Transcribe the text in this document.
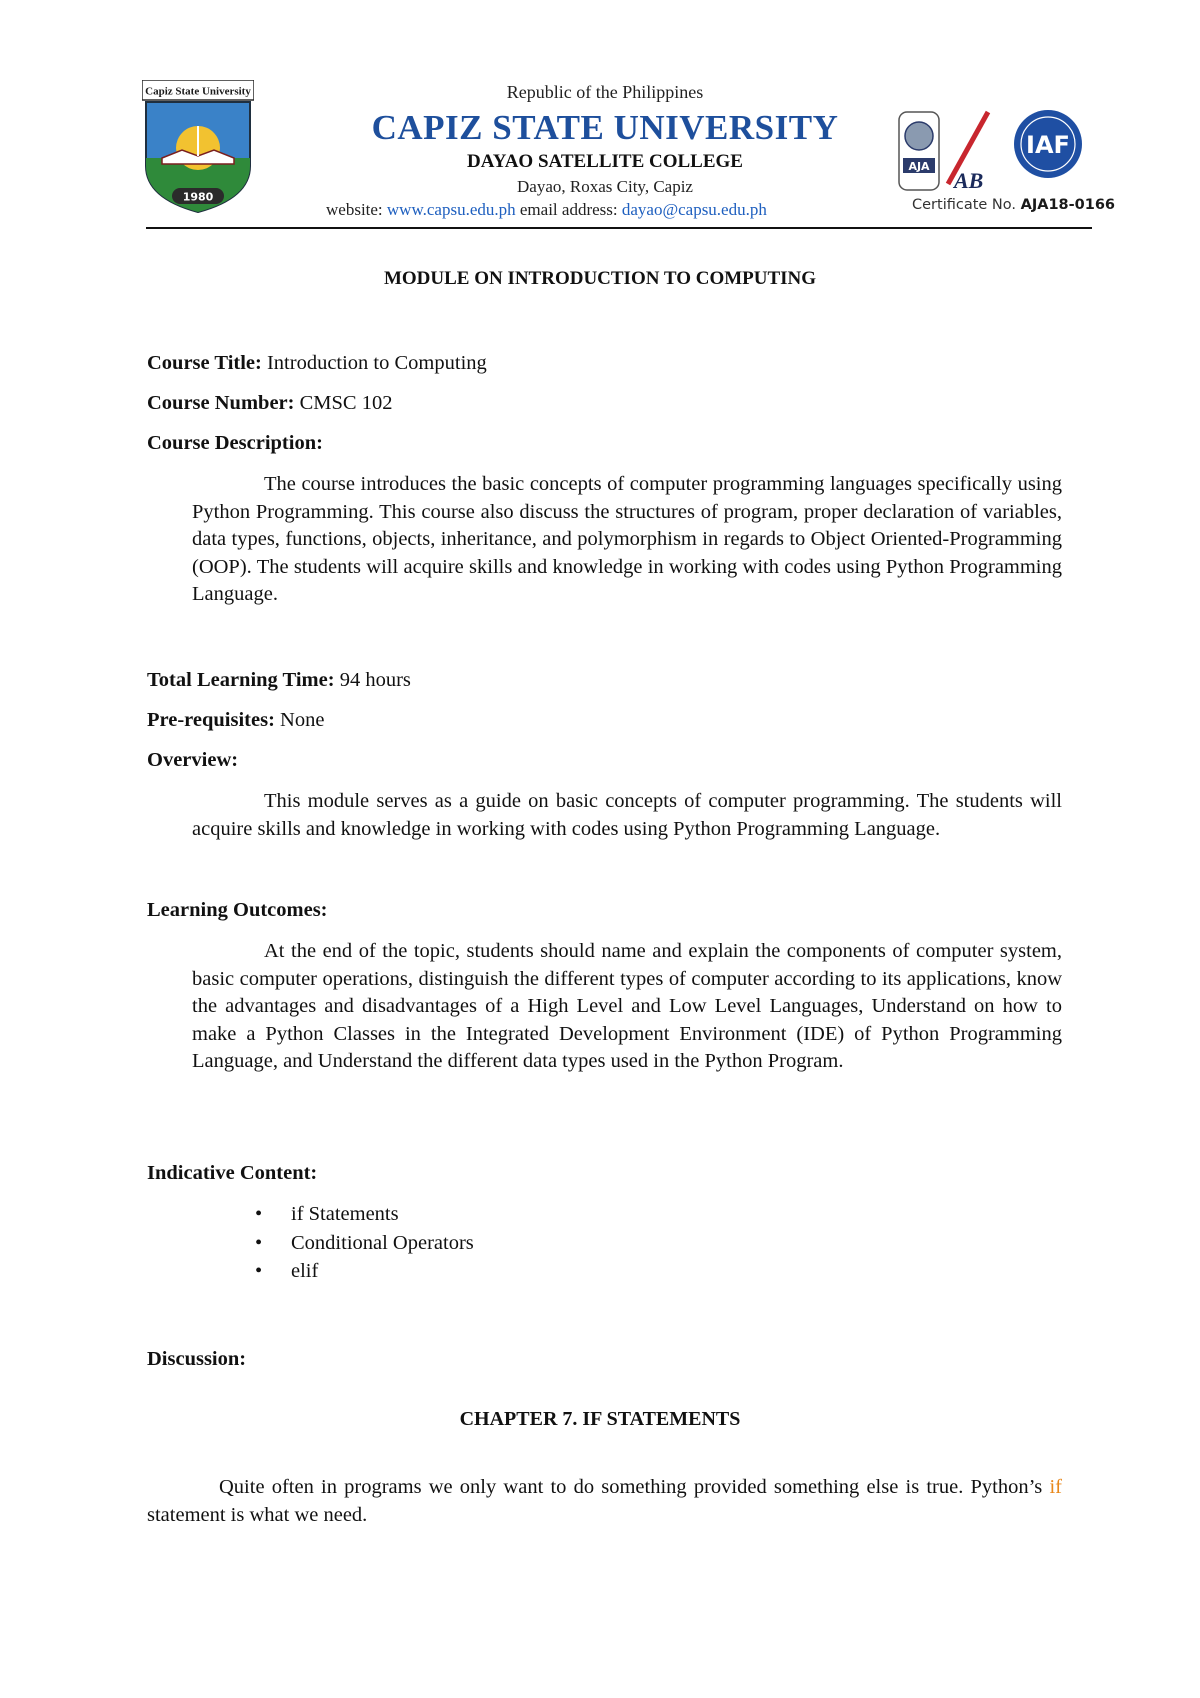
Capiz State University
1980
Republic of the Philippines
CAPIZ STATE UNIVERSITY
DAYAO SATELLITE COLLEGE
Dayao, Roxas City, Capiz
website: www.capsu.edu.ph email address: dayao@capsu.edu.ph
AJA
AB
IAF
Certificate No. AJA18-0166
MODULE ON INTRODUCTION TO COMPUTING
Course Title: Introduction to Computing
Course Number: CMSC 102
Course Description:
The course introduces the basic concepts of computer programming languages specifically using Python Programming. This course also discuss the structures of program, proper declaration of variables, data types, functions, objects, inheritance, and polymorphism in regards to Object Oriented-Programming (OOP). The students will acquire skills and knowledge in working with codes using Python Programming Language.
Total Learning Time: 94 hours
Pre-requisites: None
Overview:
This module serves as a guide on basic concepts of computer programming. The students will acquire skills and knowledge in working with codes using Python Programming Language.
Learning Outcomes:
At the end of the topic, students should name and explain the components of computer system, basic computer operations, distinguish the different types of computer according to its applications, know the advantages and disadvantages of a High Level and Low Level Languages, Understand on how to make a Python Classes in the Integrated Development Environment (IDE) of Python Programming Language, and Understand the different data types used in the Python Program.
Indicative Content:
• if Statements
• Conditional Operators
• elif
Discussion:
CHAPTER 7. IF STATEMENTS
Quite often in programs we only want to do something provided something else is true. Python’s if statement is what we need.
